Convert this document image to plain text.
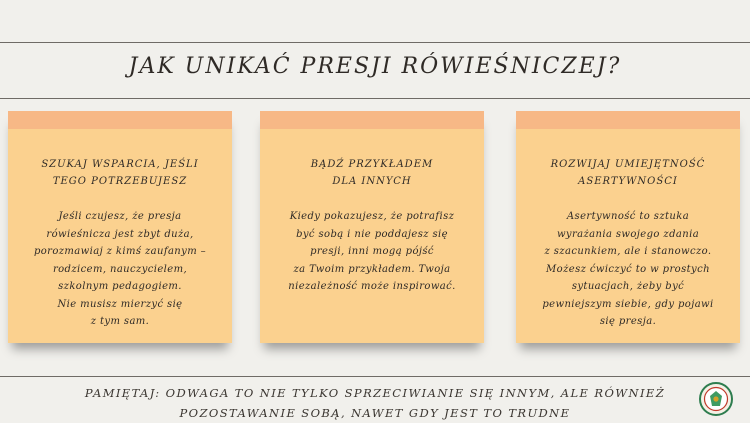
JAK UNIKAĆ PRESJI RÓWIEŚNICZEJ?

SZUKAJ WSPARCIA, JEŚLI
TEGO POTRZEBUJESZ

Jeśli czujesz, że presja
rówieśnicza jest zbyt duża,
porozmawiaj z kimś zaufanym –
rodzicem, nauczycielem,
szkolnym pedagogiem.
Nie musisz mierzyć się
z tym sam.

BĄDŹ PRZYKŁADEM
DLA INNYCH

Kiedy pokazujesz, że potrafisz
być sobą i nie poddajesz się
presji, inni mogą pójść
za Twoim przykładem. Twoja
niezależność może inspirować.

ROZWIJAJ UMIEJĘTNOŚĆ
ASERTYWNOŚCI

Asertywność to sztuka
wyrażania swojego zdania
z szacunkiem, ale i stanowczo.
Możesz ćwiczyć to w prostych
sytuacjach, żeby być
pewniejszym siebie, gdy pojawi
się presja.

PAMIĘTAJ: ODWAGA TO NIE TYLKO SPRZECIWIANIE SIĘ INNYM, ALE RÓWNIEŻ
POZOSTAWANIE SOBĄ, NAWET GDY JEST TO TRUDNE
